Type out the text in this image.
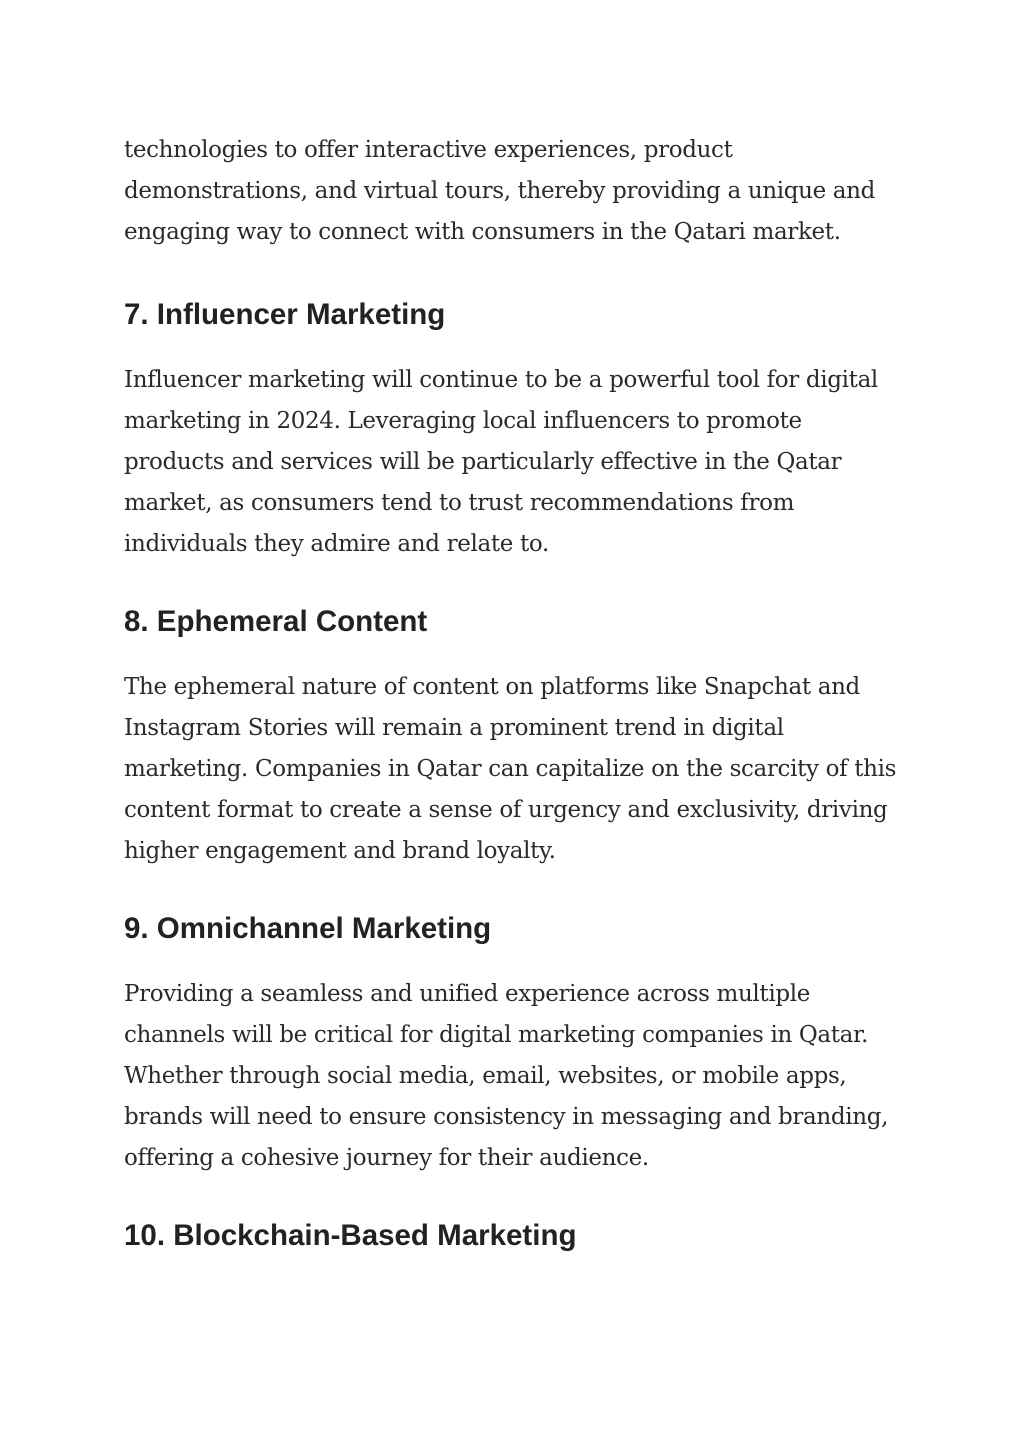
technologies to offer interactive experiences, product
demonstrations, and virtual tours, thereby providing a unique and
engaging way to connect with consumers in the Qatari market.

7. Influencer Marketing

Influencer marketing will continue to be a powerful tool for digital
marketing in 2024. Leveraging local influencers to promote
products and services will be particularly effective in the Qatar
market, as consumers tend to trust recommendations from
individuals they admire and relate to.

8. Ephemeral Content

The ephemeral nature of content on platforms like Snapchat and
Instagram Stories will remain a prominent trend in digital
marketing. Companies in Qatar can capitalize on the scarcity of this
content format to create a sense of urgency and exclusivity, driving
higher engagement and brand loyalty.

9. Omnichannel Marketing

Providing a seamless and unified experience across multiple
channels will be critical for digital marketing companies in Qatar.
Whether through social media, email, websites, or mobile apps,
brands will need to ensure consistency in messaging and branding,
offering a cohesive journey for their audience.

10. Blockchain-Based Marketing
